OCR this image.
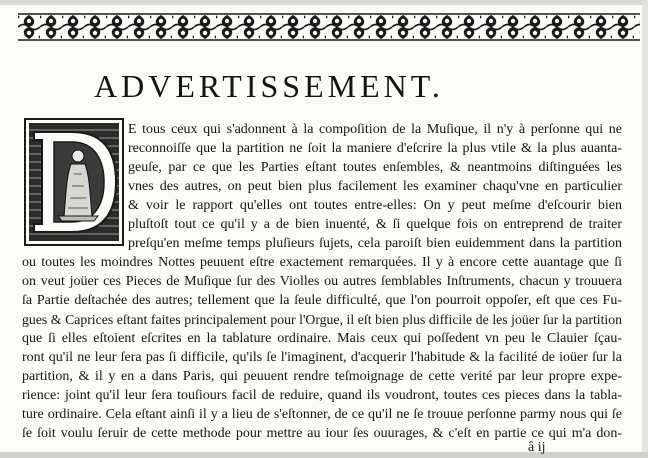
ADVERTISSEMENT.

E tous ceux qui s'adonnent à la compoſition de la Muſique, il n'y à perſonne qui ne

reconnoiſſe que la partition ne ſoit la maniere d'eſcrire la plus vtile & la plus auanta-

geuſe, par ce que les Parties eſtant toutes enſembles, & neantmoins diſtinguées les

vnes des autres, on peut bien plus facilement les examiner chaqu'vne en particulier

& voir le rapport qu'elles ont toutes entre-elles: On y peut meſme d'eſcourir bien

pluſtoſt tout ce qu'il y a de bien inuenté, & ſi quelque fois on entreprend de traiter

preſqu'en meſme temps pluſieurs ſujets, cela paroiſt bien euidemment dans la partition

ou toutes les moindres Nottes peuuent eſtre exactement remarquées. Il y à encore cette auantage que ſi

on veut joüer ces Pieces de Muſique ſur des Violles ou autres ſemblables Inſtruments, chacun y trouuera

ſa Partie deſtachée des autres; tellement que la ſeule difficulté, que l'on pourroit oppoſer, eſt que ces Fu-

gues & Caprices eſtant faites principalement pour l'Orgue, il eſt bien plus difficile de les joüer ſur la partition

que ſi elles eſtoient eſcrites en la tablature ordinaire. Mais ceux qui poſſedent vn peu le Clauier ſçau-

ront qu'il ne leur ſera pas ſi difficile, qu'ils ſe l'imaginent, d'acquerir l'habitude & la facilité de ioüer ſur la

partition, & il y en a dans Paris, qui peuuent rendre teſmoignage de cette verité par leur propre expe-

rience: joint qu'il leur ſera touſiours facil de reduire, quand ils voudront, toutes ces pieces dans la tabla-

ture ordinaire. Cela eſtant ainſi il y a lieu de s'eſtonner, de ce qu'il ne ſe trouue perſonne parmy nous qui ſe

ſe ſoit voulu ſeruir de cette methode pour mettre au iour ſes ouurages, & c'eſt en partie ce qui m'a don-

â ij
